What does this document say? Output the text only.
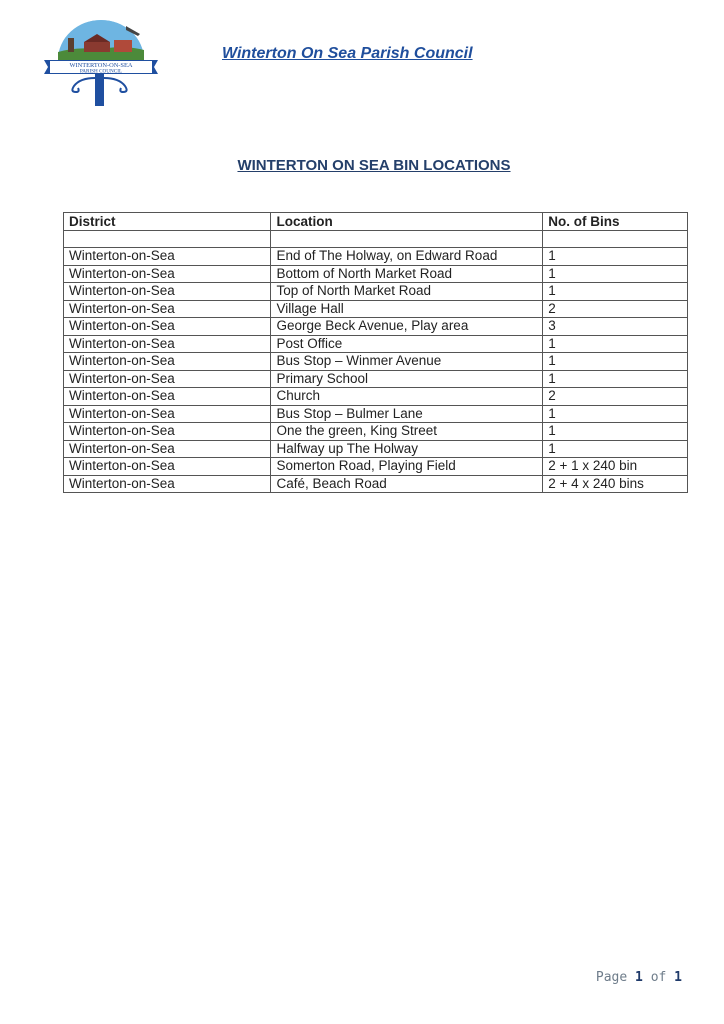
WINTERTON-ON-SEA
PARISH COUNCIL
Winterton On Sea Parish Council
WINTERTON ON SEA BIN LOCATIONS
District	Location	No. of Bins

Winterton-on-Sea	End of The Holway, on Edward Road	1
Winterton-on-Sea	Bottom of North Market Road	1
Winterton-on-Sea	Top of North Market Road	1
Winterton-on-Sea	Village Hall	2
Winterton-on-Sea	George Beck Avenue, Play area	3
Winterton-on-Sea	Post Office	1
Winterton-on-Sea	Bus Stop – Winmer Avenue	1
Winterton-on-Sea	Primary School	1
Winterton-on-Sea	Church	2
Winterton-on-Sea	Bus Stop – Bulmer Lane	1
Winterton-on-Sea	One the green, King Street	1
Winterton-on-Sea	Halfway up The Holway	1
Winterton-on-Sea	Somerton Road, Playing Field	2 + 1 x 240 bin
Winterton-on-Sea	Café, Beach Road	2 + 4 x 240 bins
Page 1 of 1
